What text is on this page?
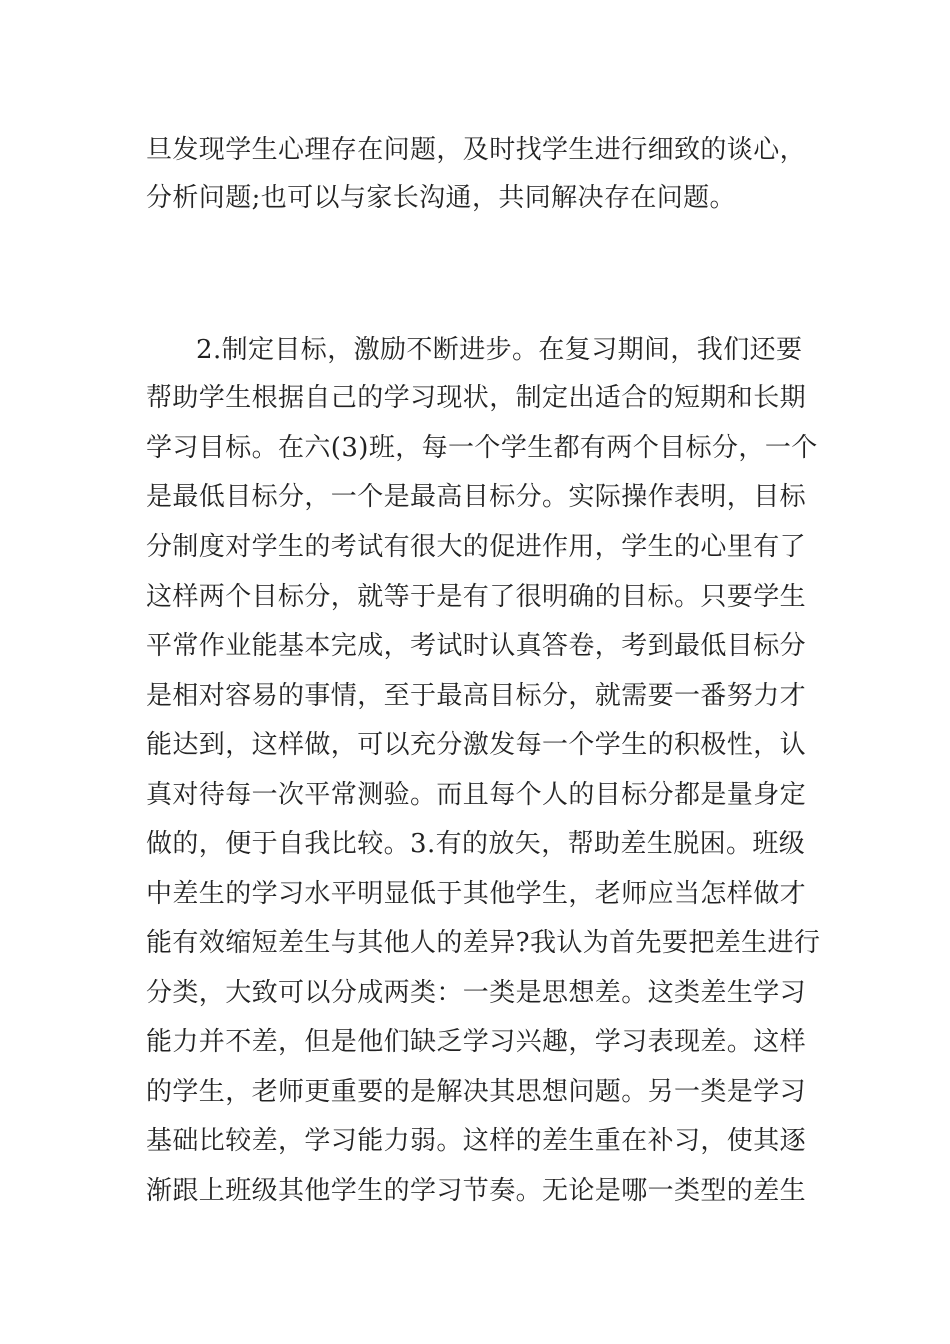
旦发现学生心理存在问题，及时找学生进行细致的谈心，
分析问题;也可以与家长沟通，共同解决存在问题。
2.制定目标，激励不断进步。在复习期间，我们还要
帮助学生根据自己的学习现状，制定出适合的短期和长期
学习目标。在六(3)班，每一个学生都有两个目标分，一个
是最低目标分，一个是最高目标分。实际操作表明，目标
分制度对学生的考试有很大的促进作用，学生的心里有了
这样两个目标分，就等于是有了很明确的目标。只要学生
平常作业能基本完成，考试时认真答卷，考到最低目标分
是相对容易的事情，至于最高目标分，就需要一番努力才
能达到，这样做，可以充分激发每一个学生的积极性，认
真对待每一次平常测验。而且每个人的目标分都是量身定
做的，便于自我比较。3.有的放矢，帮助差生脱困。班级
中差生的学习水平明显低于其他学生，老师应当怎样做才
能有效缩短差生与其他人的差异?我认为首先要把差生进行
分类，大致可以分成两类：一类是思想差。这类差生学习
能力并不差，但是他们缺乏学习兴趣，学习表现差。这样
的学生，老师更重要的是解决其思想问题。另一类是学习
基础比较差，学习能力弱。这样的差生重在补习，使其逐
渐跟上班级其他学生的学习节奏。无论是哪一类型的差生
